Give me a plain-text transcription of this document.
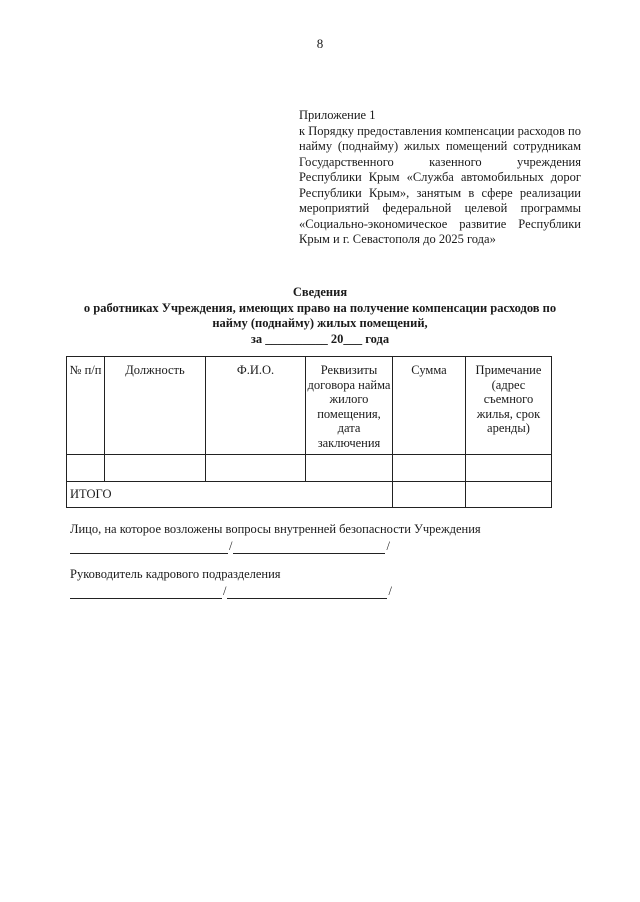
8
Приложение 1
к Порядку предоставления компенсации расходов по найму (поднайму) жилых помещений сотрудникам Государственного казенного учреждения Республики Крым «Служба автомобильных дорог Республики Крым», занятым в сфере реализации мероприятий федеральной целевой программы «Социально-экономическое развитие Республики Крым и г. Севастополя до 2025 года»
Сведения
о работниках Учреждения, имеющих право на получение компенсации расходов по
найму (поднайму) жилых помещений,
за __________ 20___ года
№ п/п	Должность	Ф.И.О.	Реквизиты договора найма жилого помещения, дата заключения	Сумма	Примечание (адрес съемного жилья, срок аренды)

ИТОГО					
Лицо, на которое возложены вопросы внутренней безопасности Учреждения
/	/
Руководитель кадрового подразделения
/	/
